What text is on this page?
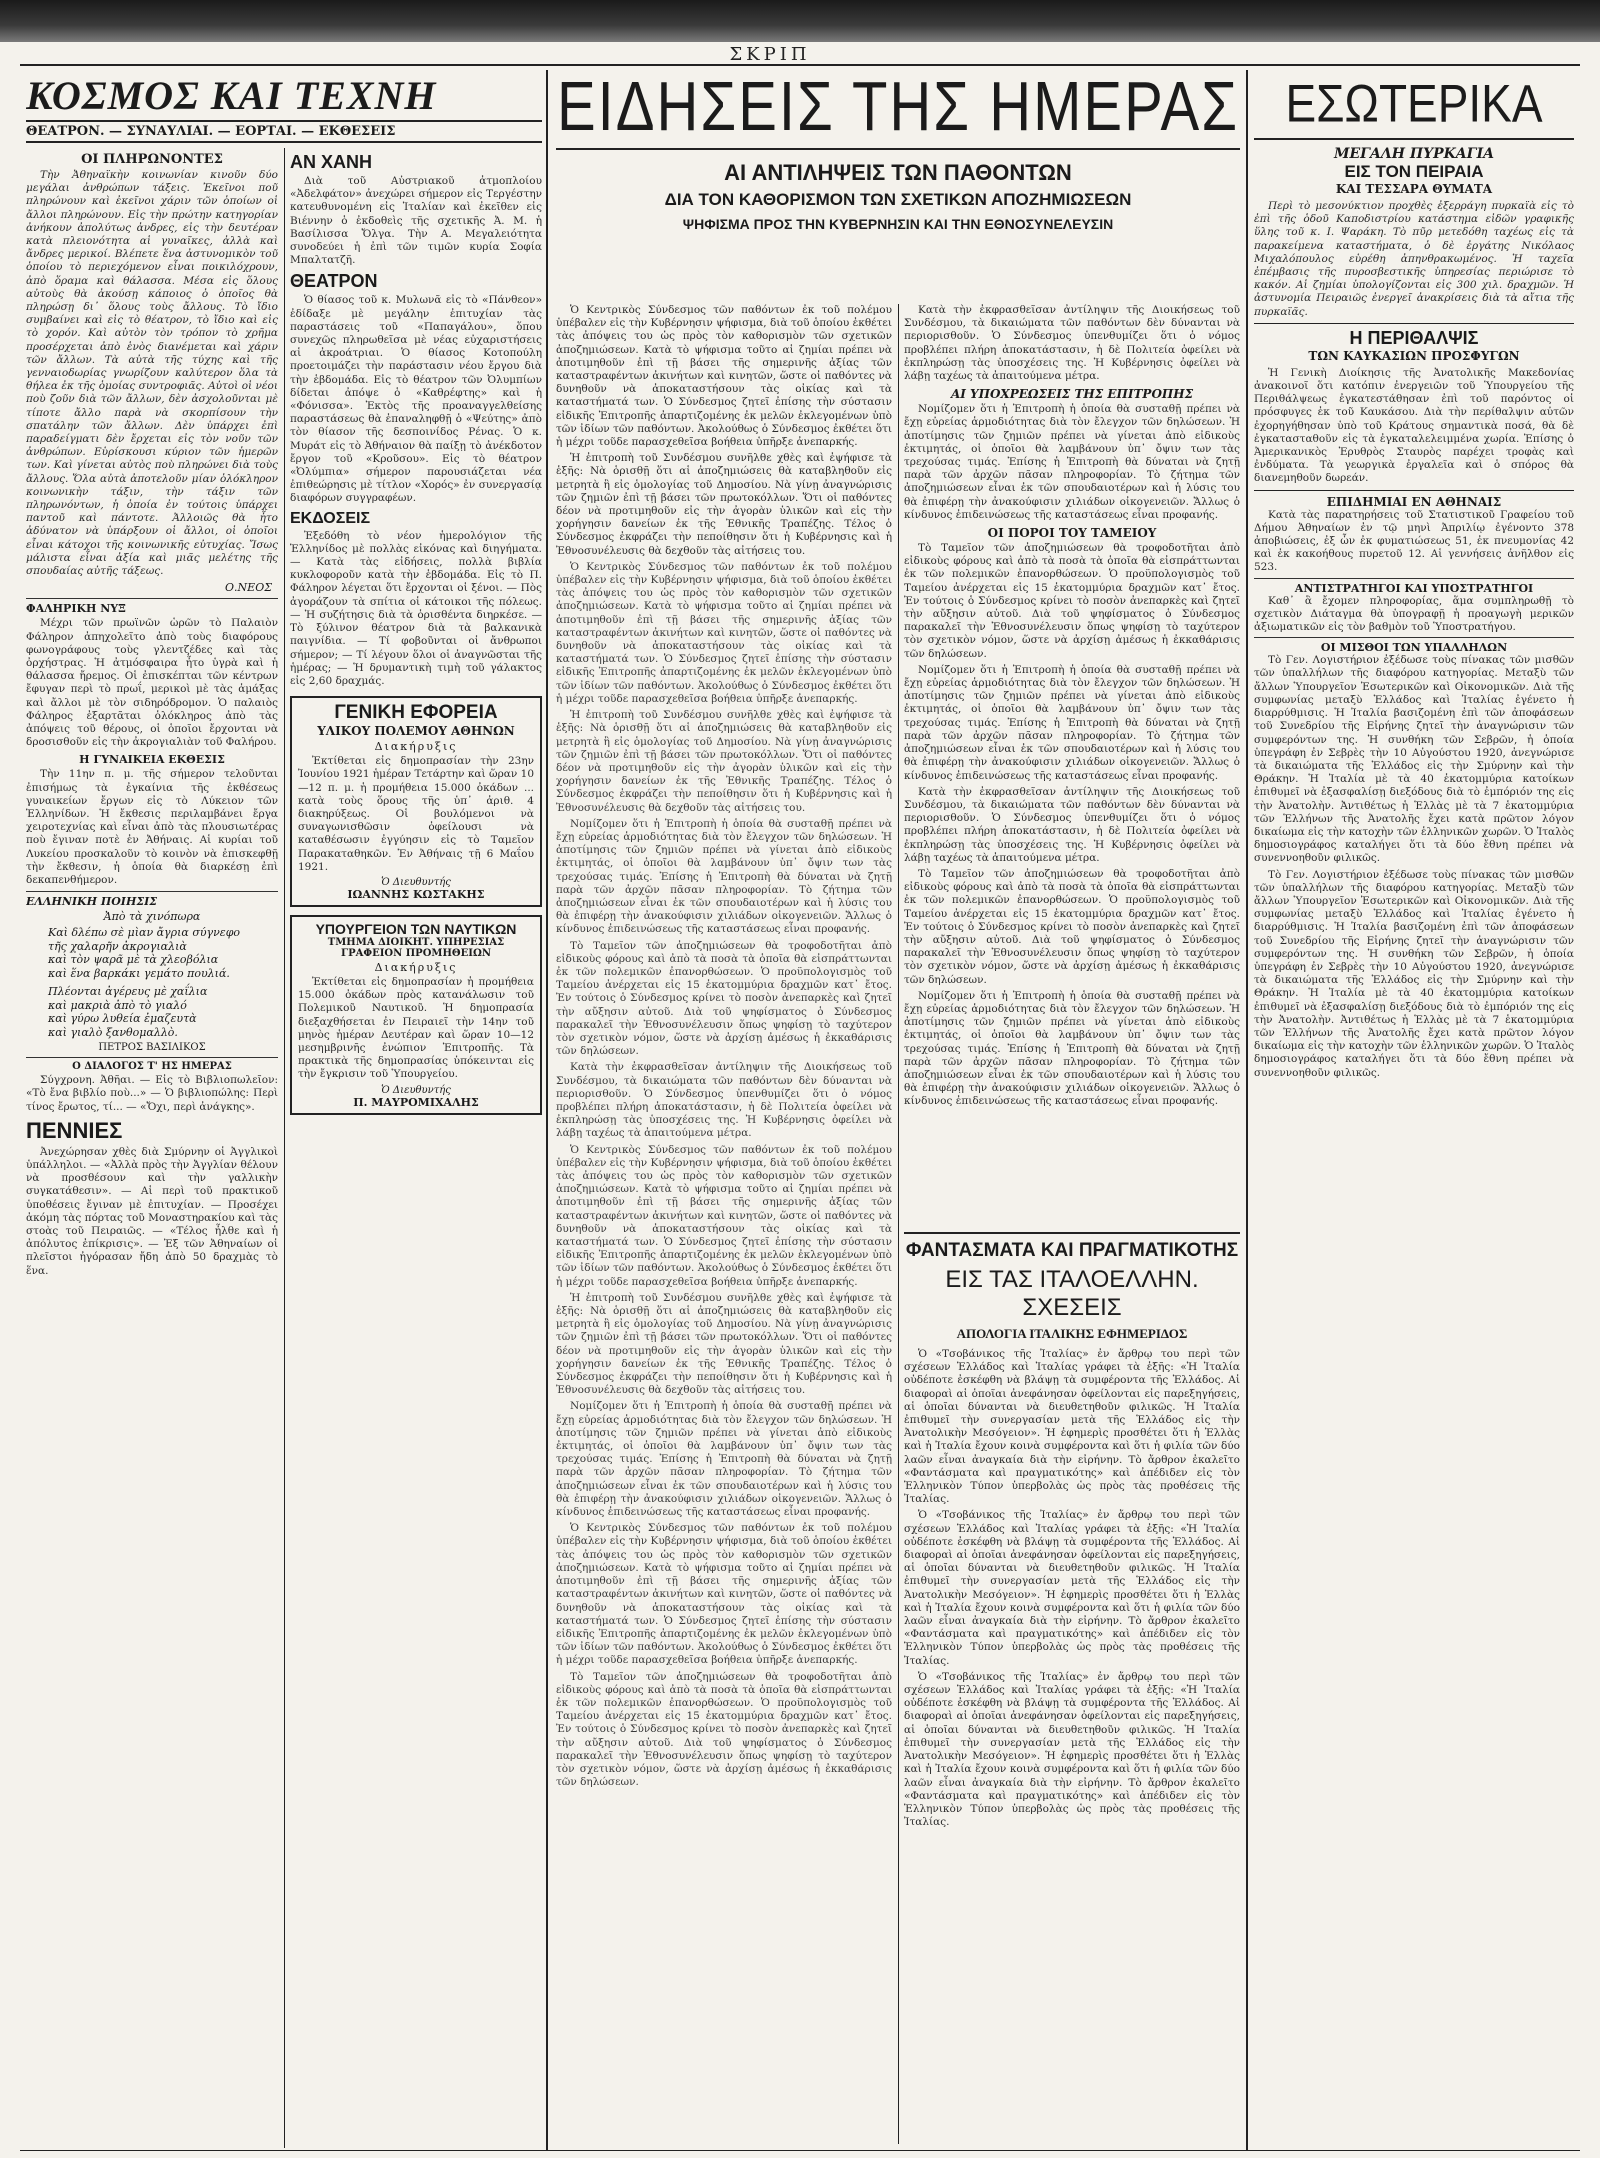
ΣΚΡΙΠ
ΚΟΣΜΟΣ ΚΑΙ ΤΕΧΝΗ
ΘΕΑΤΡΟΝ. — ΣΥΝΑΥΛΙΑΙ. — ΕΟΡΤΑΙ. — ΕΚΘΕΣΕΙΣ
ΟΙ ΠΛΗΡΩΝΟΝΤΕΣ

Τὴν Ἀθηναϊκὴν κοινωνίαν κινοῦν δύο μεγάλαι ἀνθρώπων τάξεις. Ἐκεῖνοι ποῦ πληρώνουν καὶ ἐκεῖνοι χάριν τῶν ὁποίων οἱ ἄλλοι πληρώνουν. Εἰς τὴν πρώτην κατηγορίαν ἀνήκουν ἀπολύτως ἀνδρες, εἰς τὴν δευτέραν κατὰ πλειονότητα αἱ γυναῖκες, ἀλλὰ καὶ ἄνδρες μερικοί. Βλέπετε ἕνα ἀστυνομικὸν τοῦ ὁποίου τὸ περιεχόμενον εἶναι ποικιλόχρουν, ἀπὸ ὅραμα καὶ θάλασσα. Μέσα εἰς ὅλους αὐτοὺς θὰ ἀκούσῃ κάποιος ὁ ὁποῖος θὰ πληρώσῃ δι᾽ ὅλους τοὺς ἄλλους. Τὸ ἴδιο συμβαίνει καὶ εἰς τὸ θέατρον, τὸ ἴδιο καὶ εἰς τὸ χορόν. Καὶ αὐτὸν τὸν τρόπον τὸ χρῆμα προσέρχεται ἀπὸ ἑνὸς διανέμεται καὶ χάριν τῶν ἄλλων. Τὰ αὐτὰ τῆς τύχης καὶ τῆς γενναιοδωρίας γνωρίζουν καλύτερον ὅλα τὰ θήλεα ἐκ τῆς ὁμοίας συντροφιᾶς. Αὐτοὶ οἱ νέοι ποὺ ζοῦν διὰ τῶν ἄλλων, δὲν ἀσχολοῦνται μὲ τίποτε ἄλλο παρὰ νὰ σκορπίσουν τὴν σπατάλην τῶν ἄλλων. Δὲν ὑπάρχει ἐπὶ παραδείγματι δὲν ἔρχεται εἰς τὸν νοῦν τῶν ἀνθρώπων. Εὑρίσκουσι κύριον τῶν ἡμερῶν των. Καὶ γίνεται αὐτὸς ποὺ πληρώνει διὰ τοὺς ἄλλους. Ὅλα αὐτὰ ἀποτελοῦν μίαν ὁλόκληρον κοινωνικὴν τάξιν, τὴν τάξιν τῶν πληρωνόντων, ἡ ὁποία ἐν τούτοις ὑπάρχει παντοῦ καὶ πάντοτε. Ἀλλοιῶς θὰ ἦτο ἀδύνατον νὰ ὑπάρξουν οἱ ἄλλοι, οἱ ὁποῖοι εἶναι κάτοχοι τῆς κοινωνικῆς εὐτυχίας. Ἴσως μάλιστα εἶναι ἀξία καὶ μιᾶς μελέτης τῆς σπουδαίας αὐτῆς τάξεως.

Ο.ΝΕΟΣ
ΦΑΛΗΡΙΚΗ ΝΥΞ

Μέχρι τῶν πρωϊνῶν ὡρῶν τὸ Παλαιὸν Φάληρον ἀπηχολεῖτο ἀπὸ τοὺς διαφόρους φωνογράφους τοὺς γλεντζέδες καὶ τὰς ὀρχήστρας. Ἡ ἀτμόσφαιρα ἦτο ὑγρὰ καὶ ἡ θάλασσα ἤρεμος. Οἱ ἐπισκέπται τῶν κέντρων ἔφυγαν περὶ τὸ πρωΐ, μερικοὶ μὲ τὰς ἁμάξας καὶ ἄλλοι μὲ τὸν σιδηρόδρομον. Ὁ παλαιὸς Φάληρος ἐξαρτᾶται ὁλόκληρος ἀπὸ τὰς ἀπόψεις τοῦ θέρους, οἱ ὁποῖοι ἔρχονται νὰ δροσισθοῦν εἰς τὴν ἀκρογιαλιὰν τοῦ Φαλήρου.

Η ΓΥΝΑΙΚΕΙΑ ΕΚΘΕΣΙΣ

Τὴν 11ην π. μ. τῆς σήμερον τελοῦνται ἐπισήμως τὰ ἐγκαίνια τῆς ἐκθέσεως γυναικείων ἔργων εἰς τὸ Λύκειον τῶν Ἑλληνίδων. Ἡ ἔκθεσις περιλαμβάνει ἔργα χειροτεχνίας καὶ εἶναι ἀπὸ τὰς πλουσιωτέρας ποὺ ἔγιναν ποτὲ ἐν Ἀθήναις. Αἱ κυρίαι τοῦ Λυκείου προσκαλοῦν τὸ κοινὸν νὰ ἐπισκεφθῇ τὴν ἔκθεσιν, ἡ ὁποία θὰ διαρκέσῃ ἐπὶ δεκαπενθήμερον.

ΕΛΛΗΝΙΚΗ ΠΟΙΗΣΙΣ
Ἀπὸ τὰ χινόπωρα
Καὶ δλέπω σὲ μὶαν ἄγρια σύγνεφο
τῆς χαλαρῆν ἀκρογιαλιὰ
καὶ τὸν ψαρᾶ μὲ τὰ χλεοβόλια
καὶ ἕνα βαρκάκι γεμάτο πουλιά.
Πλέονται ἀγέρευς μὲ χαΐλια
καὶ μακριὰ ἀπὸ τὸ γιαλό
καὶ γύρω λυθεία ἐμαζευτὰ
καὶ γιαλὸ ξανθομαλλὸ.
ΠΕΤΡΟΣ ΒΑΣΙΛΙΚΟΣ
Ο ΔΙΑΛΟΓΟΣ Τ' ΗΣ ΗΜΕΡΑΣ

Σύγχρονη. Ἀθῆαι. — Εἰς τὸ Βιβλιοπωλεῖον: «Τὸ ἔνα βιβλίο ποὺ...» — Ὁ βιβλιοπώλης: Περὶ τίνος ἔρωτος, τί... — «Ὄχι, περὶ ἀνάγκης».

ΠΕΝΝΙΕΣ

Ἀνεχώρησαν χθὲς διὰ Σμύρνην οἱ Ἀγγλικοὶ ὑπάλληλοι. — «Ἀλλὰ πρὸς τὴν Ἀγγλίαν θέλουν νὰ προσθέσουν καὶ τὴν γαλλικὴν συγκατάθεσιν». — Αἱ περὶ τοῦ πρακτικοῦ ὑποθέσεις ἔγιναν μὲ ἐπιτυχίαν. — Προσέχει ἀκόμη τὰς πόρτας τοῦ Μοναστηρακίου καὶ τὰς στοὰς τοῦ Πειραιῶς. — «Τέλος ἦλθε καὶ ἡ ἀπόλυτος ἐπίκρισις». — Ἐξ τῶν Ἀθηναίων οἱ πλεῖστοι ἠγόρασαν ἤδη ἀπὸ 50 δραχμὰς τὸ ἕνα.

ΑΝ ΧΑΝΗ

Διὰ τοῦ Αὐστριακοῦ ἀτμοπλοίου «Ἀδελφάτον» ἀνεχώρει σήμερον εἰς Τεργέστην κατευθυνομένη εἰς Ἰταλίαν καὶ ἐκεῖθεν εἰς Βιέννην ὁ ἐκδοθεὶς τῆς σχετικῆς Ἀ. Μ. ἡ Βασίλισσα Ὄλγα. Τὴν Α. Μεγαλειότητα συνοδεύει ἡ ἐπὶ τῶν τιμῶν κυρία Σοφία Μπαλτατζῆ.

ΘΕΑΤΡΟΝ

Ὁ θίασος τοῦ κ. Μυλωνᾶ εἰς τὸ «Πάνθεον» ἐδίδαξε μὲ μεγάλην ἐπιτυχίαν τὰς παραστάσεις τοῦ «Παπαγάλου», ὅπου συνεχῶς πληρωθεῖσα μὲ νέας εὐχαριστήσεις αἱ ἀκροάτριαι. Ὁ θίασος Κοτοπούλη προετοιμάζει τὴν παράστασιν νέου ἔργου διὰ τὴν ἑβδομάδα. Εἰς τὸ θέατρον τῶν Ὀλυμπίων δίδεται ἀπόψε ὁ «Καθρέφτης» καὶ ἡ «Φόνισσα». Ἐκτὸς τῆς προαναγγελθείσης παραστάσεως θὰ ἐπαναληφθῇ ὁ «Ψεύτης» ἀπὸ τὸν θίασον τῆς δεσποινίδος Ρένας. Ὁ κ. Μυράτ εἰς τὸ Ἀθήναιον θὰ παίξῃ τὸ ἀνέκδοτον ἔργον τοῦ «Κροῦσου». Εἰς τὸ θέατρον «Ὀλύμπια» σήμερον παρουσιάζεται νέα ἐπιθεώρησις μὲ τίτλον «Χορός» ἐν συνεργασίᾳ διαφόρων συγγραφέων.

ΕΚΔΟΣΕΙΣ

Ἐξεδόθη τὸ νέον ἡμερολόγιον τῆς Ἑλληνίδος μὲ πολλὰς εἰκόνας καὶ διηγήματα. — Κατὰ τὰς εἰδήσεις, πολλὰ βιβλία κυκλοφοροῦν κατὰ τὴν ἑβδομάδα. Εἰς τὸ Π. Φάληρον λέγεται ὅτι ἔρχονται οἱ ξένοι. — Πὸς ἀγοράζουν τὰ σπίτια οἱ κάτοικοι τῆς πόλεως. — Ἡ συζήτησις διὰ τὰ ὁρισθέντα διηρκέσε. — Τὸ ξύλινον θέατρον διὰ τὰ βαλκανικὰ παιγνίδια. — Τί φοβοῦνται οἱ ἄνθρωποι σήμερον; — Τί λέγουν ὅλοι οἱ ἀναγνῶσται τῆς ἡμέρας; — Ἡ δρυμαντικὴ τιμὴ τοῦ γάλακτος εἰς 2,60 δραχμάς.

ΓΕΝΙΚΗ ΕΦΟΡΕΙΑ
ΥΛΙΚΟΥ ΠΟΛΕΜΟΥ ΑΘΗΝΩΝ
Διακήρυξις

Ἐκτίθεται εἰς δημοπρασίαν τὴν 23ην Ἰουνίου 1921 ἡμέραν Τετάρτην καὶ ὥραν 10—12 π. μ. ἡ προμήθεια 15.000 ὀκάδων ... κατὰ τοὺς ὅρους τῆς ὑπ᾽ ἀριθ. 4 διακηρύξεως. Οἱ βουλόμενοι νὰ συναγωνισθῶσιν ὀφείλουσι νὰ καταθέσωσιν ἐγγύησιν εἰς τὸ Ταμεῖον Παρακαταθηκῶν. Ἐν Ἀθήναις τῇ 6 Μαΐου 1921.

Ὁ Διευθυντής
ΙΩΑΝΝΗΣ ΚΩΣΤΑΚΗΣ
ΥΠΟΥΡΓΕΙΟΝ ΤΩΝ ΝΑΥΤΙΚΩΝ
ΤΜΗΜΑ ΔΙΟΙΚΗΤ. ΥΠΗΡΕΣΙΑΣ ΓΡΑΦΕΙΟΝ ΠΡΟΜΗΘΕΙΩΝ
Διακήρυξις

Ἐκτίθεται εἰς δημοπρασίαν ἡ προμήθεια 15.000 ὀκάδων πρὸς κατανάλωσιν τοῦ Πολεμικοῦ Ναυτικοῦ. Ἡ δημοπρασία διεξαχθήσεται ἐν Πειραιεῖ τὴν 14ην τοῦ μηνὸς ἡμέραν Δευτέραν καὶ ὥραν 10—12 μεσημβρινῆς ἐνώπιον Ἐπιτροπῆς. Τὰ πρακτικὰ τῆς δημοπρασίας ὑπόκεινται εἰς τὴν ἔγκρισιν τοῦ Ὑπουργείου.

Ὁ Διευθυντής
Π. ΜΑΥΡΟΜΙΧΑΛΗΣ
ΕΙΔΗΣΕΙΣ ΤΗΣ ΗΜΕΡΑΣ
ΑΙ ΑΝΤΙΛΗΨΕΙΣ ΤΩΝ ΠΑΘΟΝΤΩΝ
ΔΙΑ ΤΟΝ ΚΑΘΟΡΙΣΜΟΝ ΤΩΝ ΣΧΕΤΙΚΩΝ ΑΠΟΖΗΜΙΩΣΕΩΝ
ΨΗΦΙΣΜΑ ΠΡΟΣ ΤΗΝ ΚΥΒΕΡΝΗΣΙΝ ΚΑΙ ΤΗΝ ΕΘΝΟΣΥΝΕΛΕΥΣΙΝ

Ὁ Κεντρικὸς Σύνδεσμος τῶν παθόντων ἐκ τοῦ πολέμου ὑπέβαλεν εἰς τὴν Κυβέρνησιν ψήφισμα, διὰ τοῦ ὁποίου ἐκθέτει τὰς ἀπόψεις του ὡς πρὸς τὸν καθορισμὸν τῶν σχετικῶν ἀποζημιώσεων. Κατὰ τὸ ψήφισμα τοῦτο αἱ ζημίαι πρέπει νὰ ἀποτιμηθοῦν ἐπὶ τῇ βάσει τῆς σημερινῆς ἀξίας τῶν καταστραφέντων ἀκινήτων καὶ κινητῶν, ὥστε οἱ παθόντες νὰ δυνηθοῦν νὰ ἀποκαταστήσουν τὰς οἰκίας καὶ τὰ καταστήματά των. Ὁ Σύνδεσμος ζητεῖ ἐπίσης τὴν σύστασιν εἰδικῆς Ἐπιτροπῆς ἀπαρτιζομένης ἐκ μελῶν ἐκλεγομένων ὑπὸ τῶν ἰδίων τῶν παθόντων. Ἀκολούθως ὁ Σύνδεσμος ἐκθέτει ὅτι ἡ μέχρι τοῦδε παρασχεθεῖσα βοήθεια ὑπῆρξε ἀνεπαρκής.

Ἡ ἐπιτροπὴ τοῦ Συνδέσμου συνῆλθε χθὲς καὶ ἐψήφισε τὰ ἑξῆς: Νὰ ὁρισθῇ ὅτι αἱ ἀποζημιώσεις θὰ καταβληθοῦν εἰς μετρητὰ ἢ εἰς ὁμολογίας τοῦ Δημοσίου. Νὰ γίνῃ ἀναγνώρισις τῶν ζημιῶν ἐπὶ τῇ βάσει τῶν πρωτοκόλλων. Ὅτι οἱ παθόντες δέον νὰ προτιμηθοῦν εἰς τὴν ἀγορὰν ὑλικῶν καὶ εἰς τὴν χορήγησιν δανείων ἐκ τῆς Ἐθνικῆς Τραπέζης. Τέλος ὁ Σύνδεσμος ἐκφράζει τὴν πεποίθησιν ὅτι ἡ Κυβέρνησις καὶ ἡ Ἐθνοσυνέλευσις θὰ δεχθοῦν τὰς αἰτήσεις του.

Ὁ Κεντρικὸς Σύνδεσμος τῶν παθόντων ἐκ τοῦ πολέμου ὑπέβαλεν εἰς τὴν Κυβέρνησιν ψήφισμα, διὰ τοῦ ὁποίου ἐκθέτει τὰς ἀπόψεις του ὡς πρὸς τὸν καθορισμὸν τῶν σχετικῶν ἀποζημιώσεων. Κατὰ τὸ ψήφισμα τοῦτο αἱ ζημίαι πρέπει νὰ ἀποτιμηθοῦν ἐπὶ τῇ βάσει τῆς σημερινῆς ἀξίας τῶν καταστραφέντων ἀκινήτων καὶ κινητῶν, ὥστε οἱ παθόντες νὰ δυνηθοῦν νὰ ἀποκαταστήσουν τὰς οἰκίας καὶ τὰ καταστήματά των. Ὁ Σύνδεσμος ζητεῖ ἐπίσης τὴν σύστασιν εἰδικῆς Ἐπιτροπῆς ἀπαρτιζομένης ἐκ μελῶν ἐκλεγομένων ὑπὸ τῶν ἰδίων τῶν παθόντων. Ἀκολούθως ὁ Σύνδεσμος ἐκθέτει ὅτι ἡ μέχρι τοῦδε παρασχεθεῖσα βοήθεια ὑπῆρξε ἀνεπαρκής.

Ἡ ἐπιτροπὴ τοῦ Συνδέσμου συνῆλθε χθὲς καὶ ἐψήφισε τὰ ἑξῆς: Νὰ ὁρισθῇ ὅτι αἱ ἀποζημιώσεις θὰ καταβληθοῦν εἰς μετρητὰ ἢ εἰς ὁμολογίας τοῦ Δημοσίου. Νὰ γίνῃ ἀναγνώρισις τῶν ζημιῶν ἐπὶ τῇ βάσει τῶν πρωτοκόλλων. Ὅτι οἱ παθόντες δέον νὰ προτιμηθοῦν εἰς τὴν ἀγορὰν ὑλικῶν καὶ εἰς τὴν χορήγησιν δανείων ἐκ τῆς Ἐθνικῆς Τραπέζης. Τέλος ὁ Σύνδεσμος ἐκφράζει τὴν πεποίθησιν ὅτι ἡ Κυβέρνησις καὶ ἡ Ἐθνοσυνέλευσις θὰ δεχθοῦν τὰς αἰτήσεις του.

Νομίζομεν ὅτι ἡ Ἐπιτροπὴ ἡ ὁποία θὰ συσταθῇ πρέπει νὰ ἔχῃ εὐρείας ἁρμοδιότητας διὰ τὸν ἔλεγχον τῶν δηλώσεων. Ἡ ἀποτίμησις τῶν ζημιῶν πρέπει νὰ γίνεται ἀπὸ εἰδικοὺς ἐκτιμητάς, οἱ ὁποῖοι θὰ λαμβάνουν ὑπ᾽ ὄψιν των τὰς τρεχούσας τιμάς. Ἐπίσης ἡ Ἐπιτροπὴ θὰ δύναται νὰ ζητῇ παρὰ τῶν ἀρχῶν πᾶσαν πληροφορίαν. Τὸ ζήτημα τῶν ἀποζημιώσεων εἶναι ἐκ τῶν σπουδαιοτέρων καὶ ἡ λύσις του θὰ ἐπιφέρῃ τὴν ἀνακούφισιν χιλιάδων οἰκογενειῶν. Ἄλλως ὁ κίνδυνος ἐπιδεινώσεως τῆς καταστάσεως εἶναι προφανής.

Τὸ Ταμεῖον τῶν ἀποζημιώσεων θὰ τροφοδοτῆται ἀπὸ εἰδικοὺς φόρους καὶ ἀπὸ τὰ ποσὰ τὰ ὁποῖα θὰ εἰσπράττωνται ἐκ τῶν πολεμικῶν ἐπανορθώσεων. Ὁ προϋπολογισμὸς τοῦ Ταμείου ἀνέρχεται εἰς 15 ἑκατομμύρια δραχμῶν κατ᾽ ἔτος. Ἐν τούτοις ὁ Σύνδεσμος κρίνει τὸ ποσὸν ἀνεπαρκὲς καὶ ζητεῖ τὴν αὔξησιν αὐτοῦ. Διὰ τοῦ ψηφίσματος ὁ Σύνδεσμος παρακαλεῖ τὴν Ἐθνοσυνέλευσιν ὅπως ψηφίσῃ τὸ ταχύτερον τὸν σχετικὸν νόμον, ὥστε νὰ ἀρχίσῃ ἀμέσως ἡ ἐκκαθάρισις τῶν δηλώσεων.

Κατὰ τὴν ἐκφρασθεῖσαν ἀντίληψιν τῆς Διοικήσεως τοῦ Συνδέσμου, τὰ δικαιώματα τῶν παθόντων δὲν δύνανται νὰ περιορισθοῦν. Ὁ Σύνδεσμος ὑπενθυμίζει ὅτι ὁ νόμος προβλέπει πλήρη ἀποκατάστασιν, ἡ δὲ Πολιτεία ὀφείλει νὰ ἐκπληρώσῃ τὰς ὑποσχέσεις της. Ἡ Κυβέρνησις ὀφείλει νὰ λάβῃ ταχέως τὰ ἀπαιτούμενα μέτρα.

Ὁ Κεντρικὸς Σύνδεσμος τῶν παθόντων ἐκ τοῦ πολέμου ὑπέβαλεν εἰς τὴν Κυβέρνησιν ψήφισμα, διὰ τοῦ ὁποίου ἐκθέτει τὰς ἀπόψεις του ὡς πρὸς τὸν καθορισμὸν τῶν σχετικῶν ἀποζημιώσεων. Κατὰ τὸ ψήφισμα τοῦτο αἱ ζημίαι πρέπει νὰ ἀποτιμηθοῦν ἐπὶ τῇ βάσει τῆς σημερινῆς ἀξίας τῶν καταστραφέντων ἀκινήτων καὶ κινητῶν, ὥστε οἱ παθόντες νὰ δυνηθοῦν νὰ ἀποκαταστήσουν τὰς οἰκίας καὶ τὰ καταστήματά των. Ὁ Σύνδεσμος ζητεῖ ἐπίσης τὴν σύστασιν εἰδικῆς Ἐπιτροπῆς ἀπαρτιζομένης ἐκ μελῶν ἐκλεγομένων ὑπὸ τῶν ἰδίων τῶν παθόντων. Ἀκολούθως ὁ Σύνδεσμος ἐκθέτει ὅτι ἡ μέχρι τοῦδε παρασχεθεῖσα βοήθεια ὑπῆρξε ἀνεπαρκής.

Ἡ ἐπιτροπὴ τοῦ Συνδέσμου συνῆλθε χθὲς καὶ ἐψήφισε τὰ ἑξῆς: Νὰ ὁρισθῇ ὅτι αἱ ἀποζημιώσεις θὰ καταβληθοῦν εἰς μετρητὰ ἢ εἰς ὁμολογίας τοῦ Δημοσίου. Νὰ γίνῃ ἀναγνώρισις τῶν ζημιῶν ἐπὶ τῇ βάσει τῶν πρωτοκόλλων. Ὅτι οἱ παθόντες δέον νὰ προτιμηθοῦν εἰς τὴν ἀγορὰν ὑλικῶν καὶ εἰς τὴν χορήγησιν δανείων ἐκ τῆς Ἐθνικῆς Τραπέζης. Τέλος ὁ Σύνδεσμος ἐκφράζει τὴν πεποίθησιν ὅτι ἡ Κυβέρνησις καὶ ἡ Ἐθνοσυνέλευσις θὰ δεχθοῦν τὰς αἰτήσεις του.

Νομίζομεν ὅτι ἡ Ἐπιτροπὴ ἡ ὁποία θὰ συσταθῇ πρέπει νὰ ἔχῃ εὐρείας ἁρμοδιότητας διὰ τὸν ἔλεγχον τῶν δηλώσεων. Ἡ ἀποτίμησις τῶν ζημιῶν πρέπει νὰ γίνεται ἀπὸ εἰδικοὺς ἐκτιμητάς, οἱ ὁποῖοι θὰ λαμβάνουν ὑπ᾽ ὄψιν των τὰς τρεχούσας τιμάς. Ἐπίσης ἡ Ἐπιτροπὴ θὰ δύναται νὰ ζητῇ παρὰ τῶν ἀρχῶν πᾶσαν πληροφορίαν. Τὸ ζήτημα τῶν ἀποζημιώσεων εἶναι ἐκ τῶν σπουδαιοτέρων καὶ ἡ λύσις του θὰ ἐπιφέρῃ τὴν ἀνακούφισιν χιλιάδων οἰκογενειῶν. Ἄλλως ὁ κίνδυνος ἐπιδεινώσεως τῆς καταστάσεως εἶναι προφανής.

Ὁ Κεντρικὸς Σύνδεσμος τῶν παθόντων ἐκ τοῦ πολέμου ὑπέβαλεν εἰς τὴν Κυβέρνησιν ψήφισμα, διὰ τοῦ ὁποίου ἐκθέτει τὰς ἀπόψεις του ὡς πρὸς τὸν καθορισμὸν τῶν σχετικῶν ἀποζημιώσεων. Κατὰ τὸ ψήφισμα τοῦτο αἱ ζημίαι πρέπει νὰ ἀποτιμηθοῦν ἐπὶ τῇ βάσει τῆς σημερινῆς ἀξίας τῶν καταστραφέντων ἀκινήτων καὶ κινητῶν, ὥστε οἱ παθόντες νὰ δυνηθοῦν νὰ ἀποκαταστήσουν τὰς οἰκίας καὶ τὰ καταστήματά των. Ὁ Σύνδεσμος ζητεῖ ἐπίσης τὴν σύστασιν εἰδικῆς Ἐπιτροπῆς ἀπαρτιζομένης ἐκ μελῶν ἐκλεγομένων ὑπὸ τῶν ἰδίων τῶν παθόντων. Ἀκολούθως ὁ Σύνδεσμος ἐκθέτει ὅτι ἡ μέχρι τοῦδε παρασχεθεῖσα βοήθεια ὑπῆρξε ἀνεπαρκής.

Τὸ Ταμεῖον τῶν ἀποζημιώσεων θὰ τροφοδοτῆται ἀπὸ εἰδικοὺς φόρους καὶ ἀπὸ τὰ ποσὰ τὰ ὁποῖα θὰ εἰσπράττωνται ἐκ τῶν πολεμικῶν ἐπανορθώσεων. Ὁ προϋπολογισμὸς τοῦ Ταμείου ἀνέρχεται εἰς 15 ἑκατομμύρια δραχμῶν κατ᾽ ἔτος. Ἐν τούτοις ὁ Σύνδεσμος κρίνει τὸ ποσὸν ἀνεπαρκὲς καὶ ζητεῖ τὴν αὔξησιν αὐτοῦ. Διὰ τοῦ ψηφίσματος ὁ Σύνδεσμος παρακαλεῖ τὴν Ἐθνοσυνέλευσιν ὅπως ψηφίσῃ τὸ ταχύτερον τὸν σχετικὸν νόμον, ὥστε νὰ ἀρχίσῃ ἀμέσως ἡ ἐκκαθάρισις τῶν δηλώσεων.

Κατὰ τὴν ἐκφρασθεῖσαν ἀντίληψιν τῆς Διοικήσεως τοῦ Συνδέσμου, τὰ δικαιώματα τῶν παθόντων δὲν δύνανται νὰ περιορισθοῦν. Ὁ Σύνδεσμος ὑπενθυμίζει ὅτι ὁ νόμος προβλέπει πλήρη ἀποκατάστασιν, ἡ δὲ Πολιτεία ὀφείλει νὰ ἐκπληρώσῃ τὰς ὑποσχέσεις της. Ἡ Κυβέρνησις ὀφείλει νὰ λάβῃ ταχέως τὰ ἀπαιτούμενα μέτρα.

ΑΙ ΥΠΟΧΡΕΩΣΕΙΣ ΤΗΣ ΕΠΙΤΡΟΠΗΣ

Νομίζομεν ὅτι ἡ Ἐπιτροπὴ ἡ ὁποία θὰ συσταθῇ πρέπει νὰ ἔχῃ εὐρείας ἁρμοδιότητας διὰ τὸν ἔλεγχον τῶν δηλώσεων. Ἡ ἀποτίμησις τῶν ζημιῶν πρέπει νὰ γίνεται ἀπὸ εἰδικοὺς ἐκτιμητάς, οἱ ὁποῖοι θὰ λαμβάνουν ὑπ᾽ ὄψιν των τὰς τρεχούσας τιμάς. Ἐπίσης ἡ Ἐπιτροπὴ θὰ δύναται νὰ ζητῇ παρὰ τῶν ἀρχῶν πᾶσαν πληροφορίαν. Τὸ ζήτημα τῶν ἀποζημιώσεων εἶναι ἐκ τῶν σπουδαιοτέρων καὶ ἡ λύσις του θὰ ἐπιφέρῃ τὴν ἀνακούφισιν χιλιάδων οἰκογενειῶν. Ἄλλως ὁ κίνδυνος ἐπιδεινώσεως τῆς καταστάσεως εἶναι προφανής.

ΟΙ ΠΟΡΟΙ ΤΟΥ ΤΑΜΕΙΟΥ

Τὸ Ταμεῖον τῶν ἀποζημιώσεων θὰ τροφοδοτῆται ἀπὸ εἰδικοὺς φόρους καὶ ἀπὸ τὰ ποσὰ τὰ ὁποῖα θὰ εἰσπράττωνται ἐκ τῶν πολεμικῶν ἐπανορθώσεων. Ὁ προϋπολογισμὸς τοῦ Ταμείου ἀνέρχεται εἰς 15 ἑκατομμύρια δραχμῶν κατ᾽ ἔτος. Ἐν τούτοις ὁ Σύνδεσμος κρίνει τὸ ποσὸν ἀνεπαρκὲς καὶ ζητεῖ τὴν αὔξησιν αὐτοῦ. Διὰ τοῦ ψηφίσματος ὁ Σύνδεσμος παρακαλεῖ τὴν Ἐθνοσυνέλευσιν ὅπως ψηφίσῃ τὸ ταχύτερον τὸν σχετικὸν νόμον, ὥστε νὰ ἀρχίσῃ ἀμέσως ἡ ἐκκαθάρισις τῶν δηλώσεων.

Νομίζομεν ὅτι ἡ Ἐπιτροπὴ ἡ ὁποία θὰ συσταθῇ πρέπει νὰ ἔχῃ εὐρείας ἁρμοδιότητας διὰ τὸν ἔλεγχον τῶν δηλώσεων. Ἡ ἀποτίμησις τῶν ζημιῶν πρέπει νὰ γίνεται ἀπὸ εἰδικοὺς ἐκτιμητάς, οἱ ὁποῖοι θὰ λαμβάνουν ὑπ᾽ ὄψιν των τὰς τρεχούσας τιμάς. Ἐπίσης ἡ Ἐπιτροπὴ θὰ δύναται νὰ ζητῇ παρὰ τῶν ἀρχῶν πᾶσαν πληροφορίαν. Τὸ ζήτημα τῶν ἀποζημιώσεων εἶναι ἐκ τῶν σπουδαιοτέρων καὶ ἡ λύσις του θὰ ἐπιφέρῃ τὴν ἀνακούφισιν χιλιάδων οἰκογενειῶν. Ἄλλως ὁ κίνδυνος ἐπιδεινώσεως τῆς καταστάσεως εἶναι προφανής.

Κατὰ τὴν ἐκφρασθεῖσαν ἀντίληψιν τῆς Διοικήσεως τοῦ Συνδέσμου, τὰ δικαιώματα τῶν παθόντων δὲν δύνανται νὰ περιορισθοῦν. Ὁ Σύνδεσμος ὑπενθυμίζει ὅτι ὁ νόμος προβλέπει πλήρη ἀποκατάστασιν, ἡ δὲ Πολιτεία ὀφείλει νὰ ἐκπληρώσῃ τὰς ὑποσχέσεις της. Ἡ Κυβέρνησις ὀφείλει νὰ λάβῃ ταχέως τὰ ἀπαιτούμενα μέτρα.

Τὸ Ταμεῖον τῶν ἀποζημιώσεων θὰ τροφοδοτῆται ἀπὸ εἰδικοὺς φόρους καὶ ἀπὸ τὰ ποσὰ τὰ ὁποῖα θὰ εἰσπράττωνται ἐκ τῶν πολεμικῶν ἐπανορθώσεων. Ὁ προϋπολογισμὸς τοῦ Ταμείου ἀνέρχεται εἰς 15 ἑκατομμύρια δραχμῶν κατ᾽ ἔτος. Ἐν τούτοις ὁ Σύνδεσμος κρίνει τὸ ποσὸν ἀνεπαρκὲς καὶ ζητεῖ τὴν αὔξησιν αὐτοῦ. Διὰ τοῦ ψηφίσματος ὁ Σύνδεσμος παρακαλεῖ τὴν Ἐθνοσυνέλευσιν ὅπως ψηφίσῃ τὸ ταχύτερον τὸν σχετικὸν νόμον, ὥστε νὰ ἀρχίσῃ ἀμέσως ἡ ἐκκαθάρισις τῶν δηλώσεων.

Νομίζομεν ὅτι ἡ Ἐπιτροπὴ ἡ ὁποία θὰ συσταθῇ πρέπει νὰ ἔχῃ εὐρείας ἁρμοδιότητας διὰ τὸν ἔλεγχον τῶν δηλώσεων. Ἡ ἀποτίμησις τῶν ζημιῶν πρέπει νὰ γίνεται ἀπὸ εἰδικοὺς ἐκτιμητάς, οἱ ὁποῖοι θὰ λαμβάνουν ὑπ᾽ ὄψιν των τὰς τρεχούσας τιμάς. Ἐπίσης ἡ Ἐπιτροπὴ θὰ δύναται νὰ ζητῇ παρὰ τῶν ἀρχῶν πᾶσαν πληροφορίαν. Τὸ ζήτημα τῶν ἀποζημιώσεων εἶναι ἐκ τῶν σπουδαιοτέρων καὶ ἡ λύσις του θὰ ἐπιφέρῃ τὴν ἀνακούφισιν χιλιάδων οἰκογενειῶν. Ἄλλως ὁ κίνδυνος ἐπιδεινώσεως τῆς καταστάσεως εἶναι προφανής.

ΦΑΝΤΑΣΜΑΤΑ ΚΑΙ ΠΡΑΓΜΑΤΙΚΟΤΗΣ
ΕΙΣ ΤΑΣ ΙΤΑΛΟΕΛΛΗΝ. ΣΧΕΣΕΙΣ
ΑΠΟΛΟΓΙΑ ΙΤΑΛΙΚΗΣ ΕΦΗΜΕΡΙΔΟΣ

Ὁ «Τσοβάνικος τῆς Ἰταλίας» ἐν ἄρθρῳ του περὶ τῶν σχέσεων Ἑλλάδος καὶ Ἰταλίας γράφει τὰ ἑξῆς: «Ἡ Ἰταλία οὐδέποτε ἐσκέφθη νὰ βλάψῃ τὰ συμφέροντα τῆς Ἑλλάδος. Αἱ διαφοραὶ αἱ ὁποῖαι ἀνεφάνησαν ὀφείλονται εἰς παρεξηγήσεις, αἱ ὁποῖαι δύνανται νὰ διευθετηθοῦν φιλικῶς. Ἡ Ἰταλία ἐπιθυμεῖ τὴν συνεργασίαν μετὰ τῆς Ἑλλάδος εἰς τὴν Ἀνατολικὴν Μεσόγειον». Ἡ ἐφημερὶς προσθέτει ὅτι ἡ Ἑλλὰς καὶ ἡ Ἰταλία ἔχουν κοινὰ συμφέροντα καὶ ὅτι ἡ φιλία τῶν δύο λαῶν εἶναι ἀναγκαία διὰ τὴν εἰρήνην. Τὸ ἄρθρον ἐκαλεῖτο «Φαντάσματα καὶ πραγματικότης» καὶ ἀπέδιδεν εἰς τὸν Ἑλληνικὸν Τύπον ὑπερβολὰς ὡς πρὸς τὰς προθέσεις τῆς Ἰταλίας.

Ὁ «Τσοβάνικος τῆς Ἰταλίας» ἐν ἄρθρῳ του περὶ τῶν σχέσεων Ἑλλάδος καὶ Ἰταλίας γράφει τὰ ἑξῆς: «Ἡ Ἰταλία οὐδέποτε ἐσκέφθη νὰ βλάψῃ τὰ συμφέροντα τῆς Ἑλλάδος. Αἱ διαφοραὶ αἱ ὁποῖαι ἀνεφάνησαν ὀφείλονται εἰς παρεξηγήσεις, αἱ ὁποῖαι δύνανται νὰ διευθετηθοῦν φιλικῶς. Ἡ Ἰταλία ἐπιθυμεῖ τὴν συνεργασίαν μετὰ τῆς Ἑλλάδος εἰς τὴν Ἀνατολικὴν Μεσόγειον». Ἡ ἐφημερὶς προσθέτει ὅτι ἡ Ἑλλὰς καὶ ἡ Ἰταλία ἔχουν κοινὰ συμφέροντα καὶ ὅτι ἡ φιλία τῶν δύο λαῶν εἶναι ἀναγκαία διὰ τὴν εἰρήνην. Τὸ ἄρθρον ἐκαλεῖτο «Φαντάσματα καὶ πραγματικότης» καὶ ἀπέδιδεν εἰς τὸν Ἑλληνικὸν Τύπον ὑπερβολὰς ὡς πρὸς τὰς προθέσεις τῆς Ἰταλίας.

Ὁ «Τσοβάνικος τῆς Ἰταλίας» ἐν ἄρθρῳ του περὶ τῶν σχέσεων Ἑλλάδος καὶ Ἰταλίας γράφει τὰ ἑξῆς: «Ἡ Ἰταλία οὐδέποτε ἐσκέφθη νὰ βλάψῃ τὰ συμφέροντα τῆς Ἑλλάδος. Αἱ διαφοραὶ αἱ ὁποῖαι ἀνεφάνησαν ὀφείλονται εἰς παρεξηγήσεις, αἱ ὁποῖαι δύνανται νὰ διευθετηθοῦν φιλικῶς. Ἡ Ἰταλία ἐπιθυμεῖ τὴν συνεργασίαν μετὰ τῆς Ἑλλάδος εἰς τὴν Ἀνατολικὴν Μεσόγειον». Ἡ ἐφημερὶς προσθέτει ὅτι ἡ Ἑλλὰς καὶ ἡ Ἰταλία ἔχουν κοινὰ συμφέροντα καὶ ὅτι ἡ φιλία τῶν δύο λαῶν εἶναι ἀναγκαία διὰ τὴν εἰρήνην. Τὸ ἄρθρον ἐκαλεῖτο «Φαντάσματα καὶ πραγματικότης» καὶ ἀπέδιδεν εἰς τὸν Ἑλληνικὸν Τύπον ὑπερβολὰς ὡς πρὸς τὰς προθέσεις τῆς Ἰταλίας.

ΕΣΩΤΕΡΙΚΑ
ΜΕΓΑΛΗ ΠΥΡΚΑΓΙΑ
ΕΙΣ ΤΟΝ ΠΕΙΡΑΙΑ
ΚΑΙ ΤΕΣΣΑΡΑ ΘΥΜΑΤΑ

Περὶ τὸ μεσονύκτιον προχθὲς ἐξερράγη πυρκαϊὰ εἰς τὸ ἐπὶ τῆς ὁδοῦ Καποδιστρίου κατάστημα εἰδῶν γραφικῆς ὕλης τοῦ κ. Ι. Ψαράκη. Τὸ πῦρ μετεδόθη ταχέως εἰς τὰ παρακείμενα καταστήματα, ὁ δὲ ἐργάτης Νικόλαος Μιχαλόπουλος εὑρέθη ἀπηνθρακωμένος. Ἡ ταχεῖα ἐπέμβασις τῆς πυροσβεστικῆς ὑπηρεσίας περιώρισε τὸ κακόν. Αἱ ζημίαι ὑπολογίζονται εἰς 300 χιλ. δραχμῶν. Ἡ ἀστυνομία Πειραιῶς ἐνεργεῖ ἀνακρίσεις διὰ τὰ αἴτια τῆς πυρκαϊᾶς.

Η ΠΕΡΙΘΑΛΨΙΣ
ΤΩΝ ΚΑΥΚΑΣΙΩΝ ΠΡΟΣΦΥΓΩΝ

Ἡ Γενικὴ Διοίκησις τῆς Ἀνατολικῆς Μακεδονίας ἀνακοινοῖ ὅτι κατόπιν ἐνεργειῶν τοῦ Ὑπουργείου τῆς Περιθάλψεως ἐγκατεστάθησαν ἐπὶ τοῦ παρόντος οἱ πρόσφυγες ἐκ τοῦ Καυκάσου. Διὰ τὴν περίθαλψιν αὐτῶν ἐχορηγήθησαν ὑπὸ τοῦ Κράτους σημαντικὰ ποσά, θὰ δὲ ἐγκατασταθοῦν εἰς τὰ ἐγκαταλελειμμένα χωρία. Ἐπίσης ὁ Ἀμερικανικὸς Ἐρυθρὸς Σταυρὸς παρέχει τροφὰς καὶ ἐνδύματα. Τὰ γεωργικὰ ἐργαλεῖα καὶ ὁ σπόρος θὰ διανεμηθοῦν δωρεάν.

ΕΠΙΔΗΜΙΑΙ ΕΝ ΑΘΗΝΑΙΣ

Κατὰ τὰς παρατηρήσεις τοῦ Στατιστικοῦ Γραφείου τοῦ Δήμου Ἀθηναίων ἐν τῷ μηνὶ Ἀπριλίῳ ἐγένοντο 378 ἀποβιώσεις, ἐξ ὧν ἐκ φυματιώσεως 51, ἐκ πνευμονίας 42 καὶ ἐκ κακοήθους πυρετοῦ 12. Αἱ γεννήσεις ἀνῆλθον εἰς 523.

ΑΝΤΙΣΤΡΑΤΗΓΟΙ ΚΑΙ ΥΠΟΣΤΡΑΤΗΓΟΙ

Καθ᾽ ἃ ἔχομεν πληροφορίας, ἅμα συμπληρωθῇ τὸ σχετικὸν Διάταγμα θὰ ὑπογραφῇ ἡ προαγωγὴ μερικῶν ἀξιωματικῶν εἰς τὸν βαθμὸν τοῦ Ὑποστρατήγου.

ΟΙ ΜΙΣΘΟΙ ΤΩΝ ΥΠΑΛΛΗΛΩΝ

Τὸ Γεν. Λογιστήριον ἐξέδωσε τοὺς πίνακας τῶν μισθῶν τῶν ὑπαλλήλων τῆς διαφόρου κατηγορίας. Μεταξὺ τῶν ἄλλων Ὑπουργεῖον Ἐσωτερικῶν καὶ Οἰκονομικῶν. Διὰ τῆς συμφωνίας μεταξὺ Ἑλλάδος καὶ Ἰταλίας ἐγένετο ἡ διαρρύθμισις. Ἡ Ἰταλία βασιζομένη ἐπὶ τῶν ἀποφάσεων τοῦ Συνεδρίου τῆς Εἰρήνης ζητεῖ τὴν ἀναγνώρισιν τῶν συμφερόντων της. Ἡ συνθήκη τῶν Σεβρῶν, ἡ ὁποία ὑπεγράφη ἐν Σεβρὲς τὴν 10 Αὐγούστου 1920, ἀνεγνώρισε τὰ δικαιώματα τῆς Ἑλλάδος εἰς τὴν Σμύρνην καὶ τὴν Θράκην. Ἡ Ἰταλία μὲ τὰ 40 ἑκατομμύρια κατοίκων ἐπιθυμεῖ νὰ ἐξασφαλίσῃ διεξόδους διὰ τὸ ἐμπόριόν της εἰς τὴν Ἀνατολὴν. Ἀντιθέτως ἡ Ἑλλὰς μὲ τὰ 7 ἑκατομμύρια τῶν Ἑλλήνων τῆς Ἀνατολῆς ἔχει κατὰ πρῶτον λόγον δικαίωμα εἰς τὴν κατοχὴν τῶν ἑλληνικῶν χωρῶν. Ὁ Ἰταλὸς δημοσιογράφος καταλήγει ὅτι τὰ δύο ἔθνη πρέπει νὰ συνεννοηθοῦν φιλικῶς.

Τὸ Γεν. Λογιστήριον ἐξέδωσε τοὺς πίνακας τῶν μισθῶν τῶν ὑπαλλήλων τῆς διαφόρου κατηγορίας. Μεταξὺ τῶν ἄλλων Ὑπουργεῖον Ἐσωτερικῶν καὶ Οἰκονομικῶν. Διὰ τῆς συμφωνίας μεταξὺ Ἑλλάδος καὶ Ἰταλίας ἐγένετο ἡ διαρρύθμισις. Ἡ Ἰταλία βασιζομένη ἐπὶ τῶν ἀποφάσεων τοῦ Συνεδρίου τῆς Εἰρήνης ζητεῖ τὴν ἀναγνώρισιν τῶν συμφερόντων της. Ἡ συνθήκη τῶν Σεβρῶν, ἡ ὁποία ὑπεγράφη ἐν Σεβρὲς τὴν 10 Αὐγούστου 1920, ἀνεγνώρισε τὰ δικαιώματα τῆς Ἑλλάδος εἰς τὴν Σμύρνην καὶ τὴν Θράκην. Ἡ Ἰταλία μὲ τὰ 40 ἑκατομμύρια κατοίκων ἐπιθυμεῖ νὰ ἐξασφαλίσῃ διεξόδους διὰ τὸ ἐμπόριόν της εἰς τὴν Ἀνατολὴν. Ἀντιθέτως ἡ Ἑλλὰς μὲ τὰ 7 ἑκατομμύρια τῶν Ἑλλήνων τῆς Ἀνατολῆς ἔχει κατὰ πρῶτον λόγον δικαίωμα εἰς τὴν κατοχὴν τῶν ἑλληνικῶν χωρῶν. Ὁ Ἰταλὸς δημοσιογράφος καταλήγει ὅτι τὰ δύο ἔθνη πρέπει νὰ συνεννοηθοῦν φιλικῶς.
